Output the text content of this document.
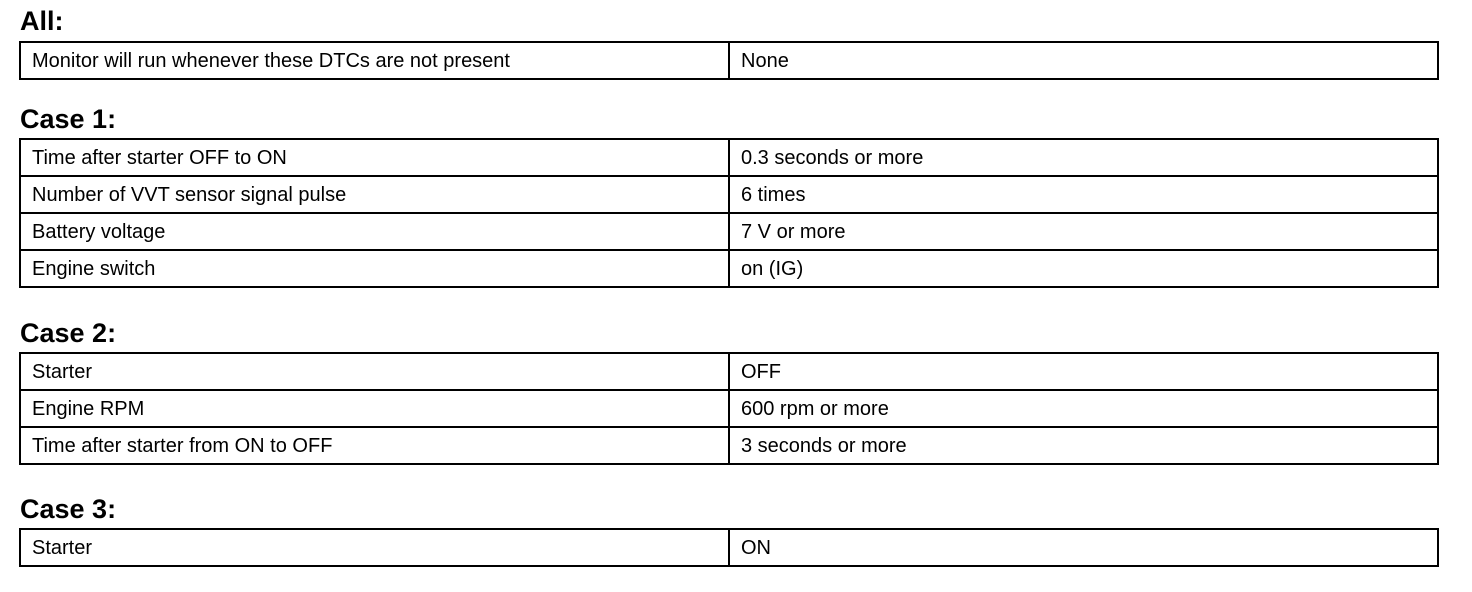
All:
Monitor will run whenever these DTCs are not present	None
Case 1:
Time after starter OFF to ON	0.3 seconds or more
Number of VVT sensor signal pulse	6 times
Battery voltage	7 V or more
Engine switch	on (IG)
Case 2:
Starter	OFF
Engine RPM	600 rpm or more
Time after starter from ON to OFF	3 seconds or more
Case 3:
Starter	ON
